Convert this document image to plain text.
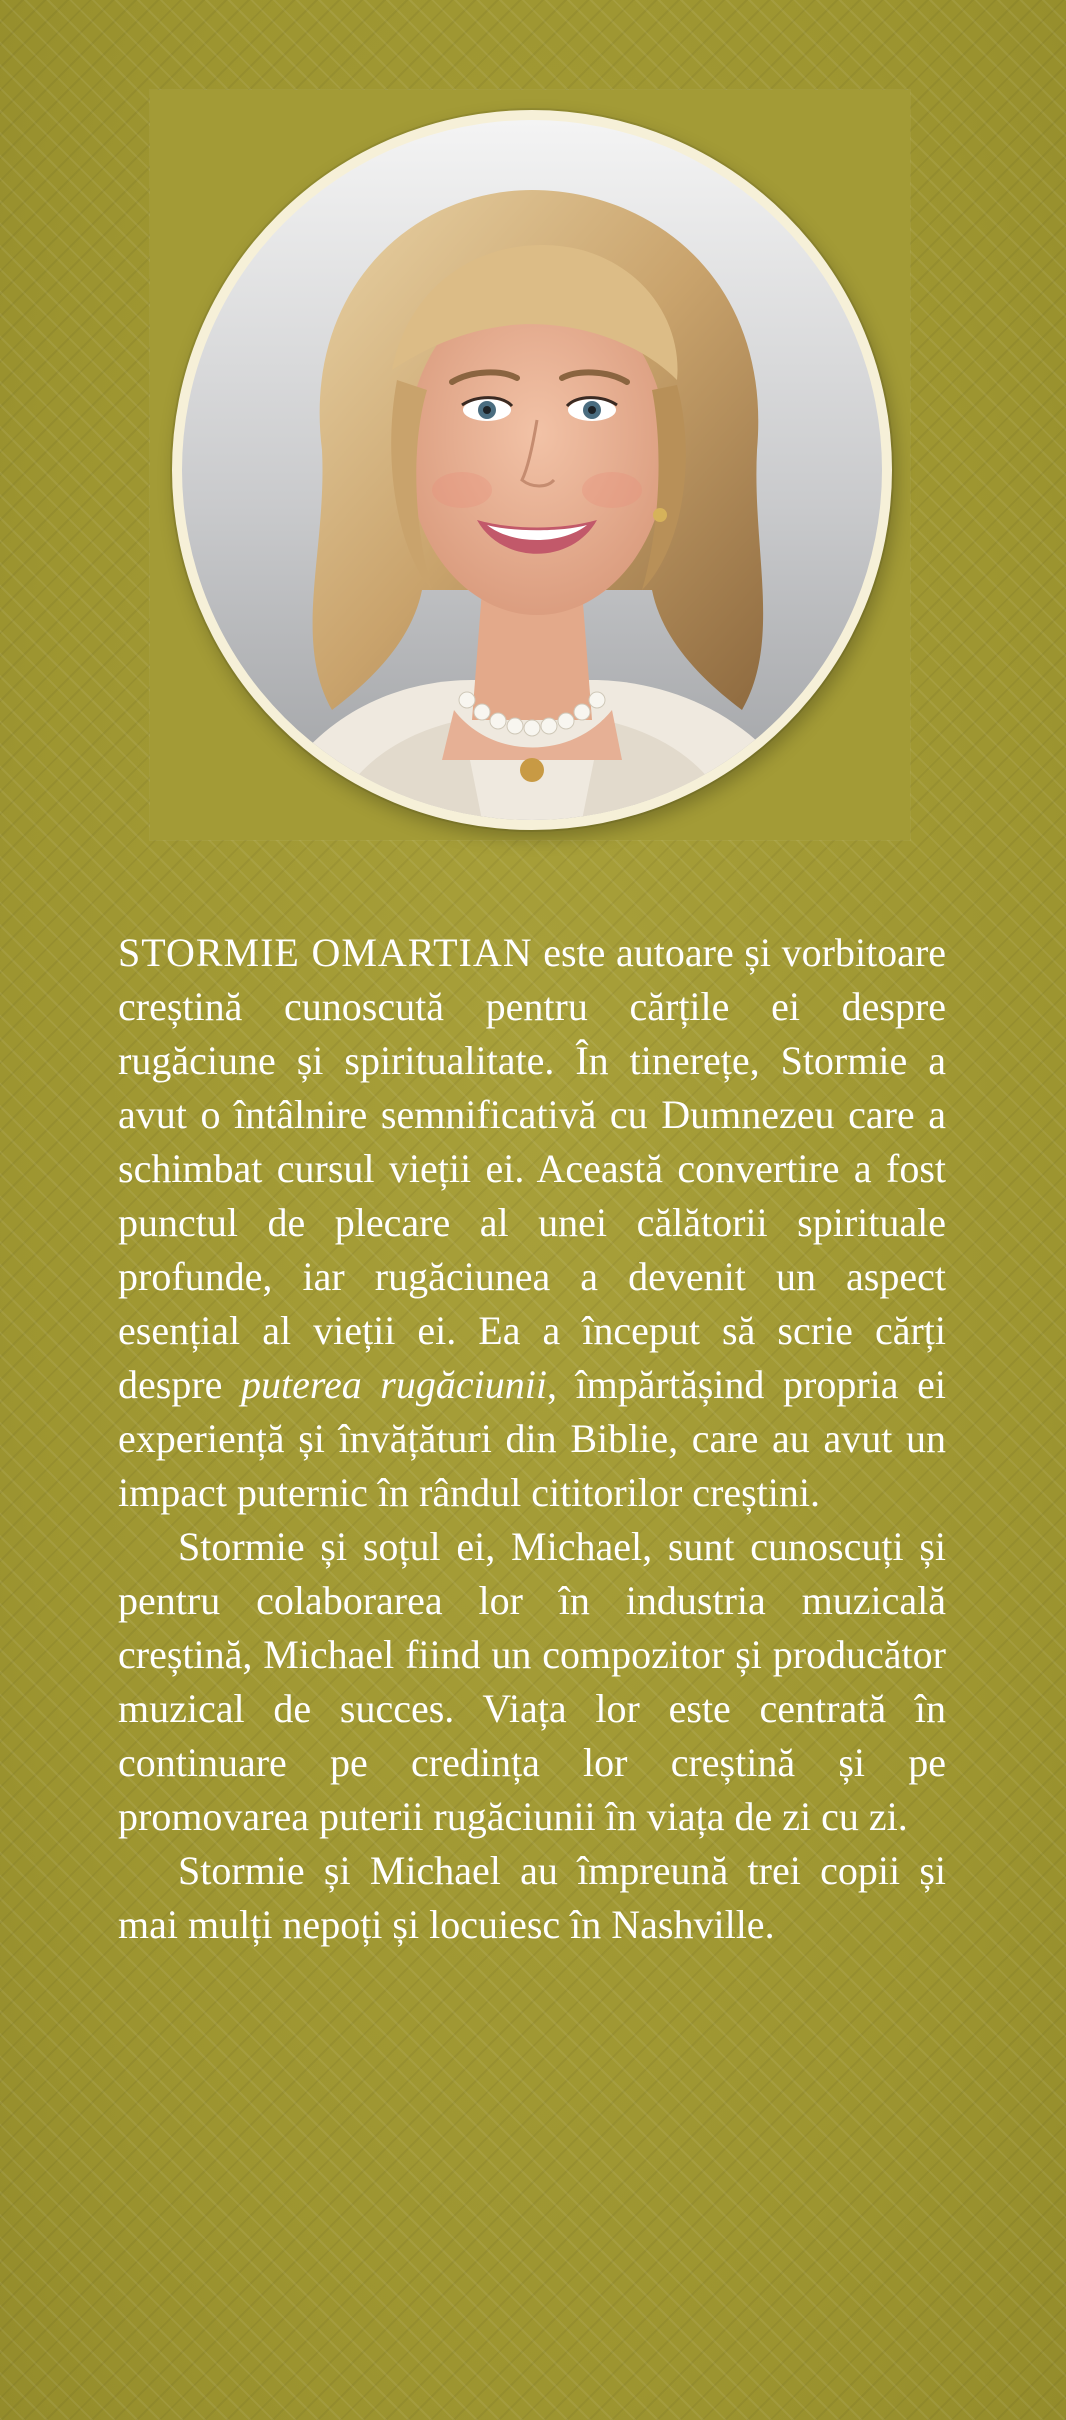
STORMIE OMARTIAN este autoare și vorbitoare creștină cunoscută pentru cărțile ei despre rugăciune și spiritualitate. În tinerețe, Stormie a avut o întâlnire semnificativă cu Dumnezeu care a schimbat cursul vieții ei. Această convertire a fost punctul de plecare al unei călătorii spirituale profunde, iar rugăciunea a devenit un aspect esențial al vieții ei. Ea a început să scrie cărți despre puterea rugăciunii, împărtășind propria ei experiență și învățături din Biblie, care au avut un impact puternic în rândul cititorilor creștini.

Stormie și soțul ei, Michael, sunt cunoscuți și pentru colaborarea lor în industria muzicală creștină, Michael fiind un compozitor și producător muzical de succes. Viața lor este centrată în continuare pe credința lor creștină și pe promovarea puterii rugăciunii în viața de zi cu zi.

Stormie și Michael au împreună trei copii și mai mulți nepoți și locuiesc în Nashville.
